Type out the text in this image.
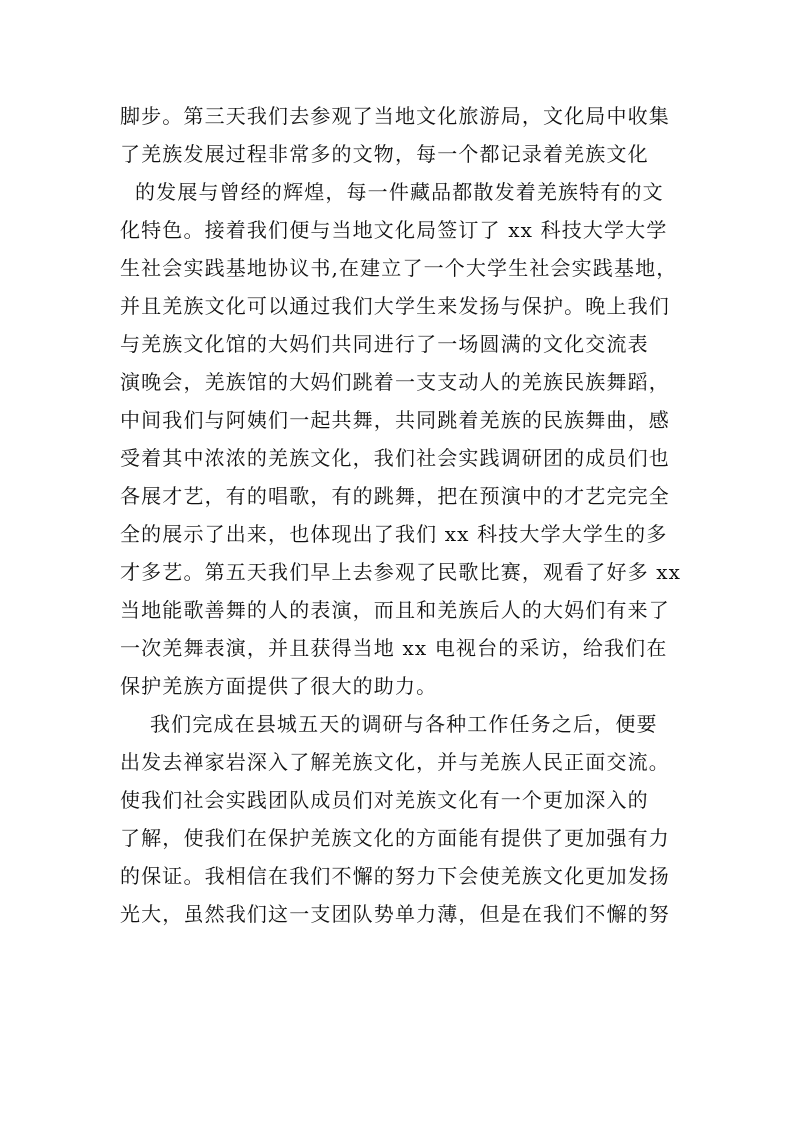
脚步。第三天我们去参观了当地文化旅游局，文化局中收集
了羌族发展过程非常多的文物，每一个都记录着羌族文化
的发展与曾经的辉煌，每一件藏品都散发着羌族特有的文
化特色。接着我们便与当地文化局签订了 xx 科技大学大学
生社会实践基地协议书,在建立了一个大学生社会实践基地，
并且羌族文化可以通过我们大学生来发扬与保护。晚上我们
与羌族文化馆的大妈们共同进行了一场圆满的文化交流表
演晚会，羌族馆的大妈们跳着一支支动人的羌族民族舞蹈，
中间我们与阿姨们一起共舞，共同跳着羌族的民族舞曲，感
受着其中浓浓的羌族文化，我们社会实践调研团的成员们也
各展才艺，有的唱歌，有的跳舞，把在预演中的才艺完完全
全的展示了出来，也体现出了我们 xx 科技大学大学生的多
才多艺。第五天我们早上去参观了民歌比赛，观看了好多 xx
当地能歌善舞的人的表演，而且和羌族后人的大妈们有来了
一次羌舞表演，并且获得当地 xx 电视台的采访，给我们在
保护羌族方面提供了很大的助力。
我们完成在县城五天的调研与各种工作任务之后，便要
出发去禅家岩深入了解羌族文化，并与羌族人民正面交流。
使我们社会实践团队成员们对羌族文化有一个更加深入的
了解，使我们在保护羌族文化的方面能有提供了更加强有力
的保证。我相信在我们不懈的努力下会使羌族文化更加发扬
光大，虽然我们这一支团队势单力薄，但是在我们不懈的努
